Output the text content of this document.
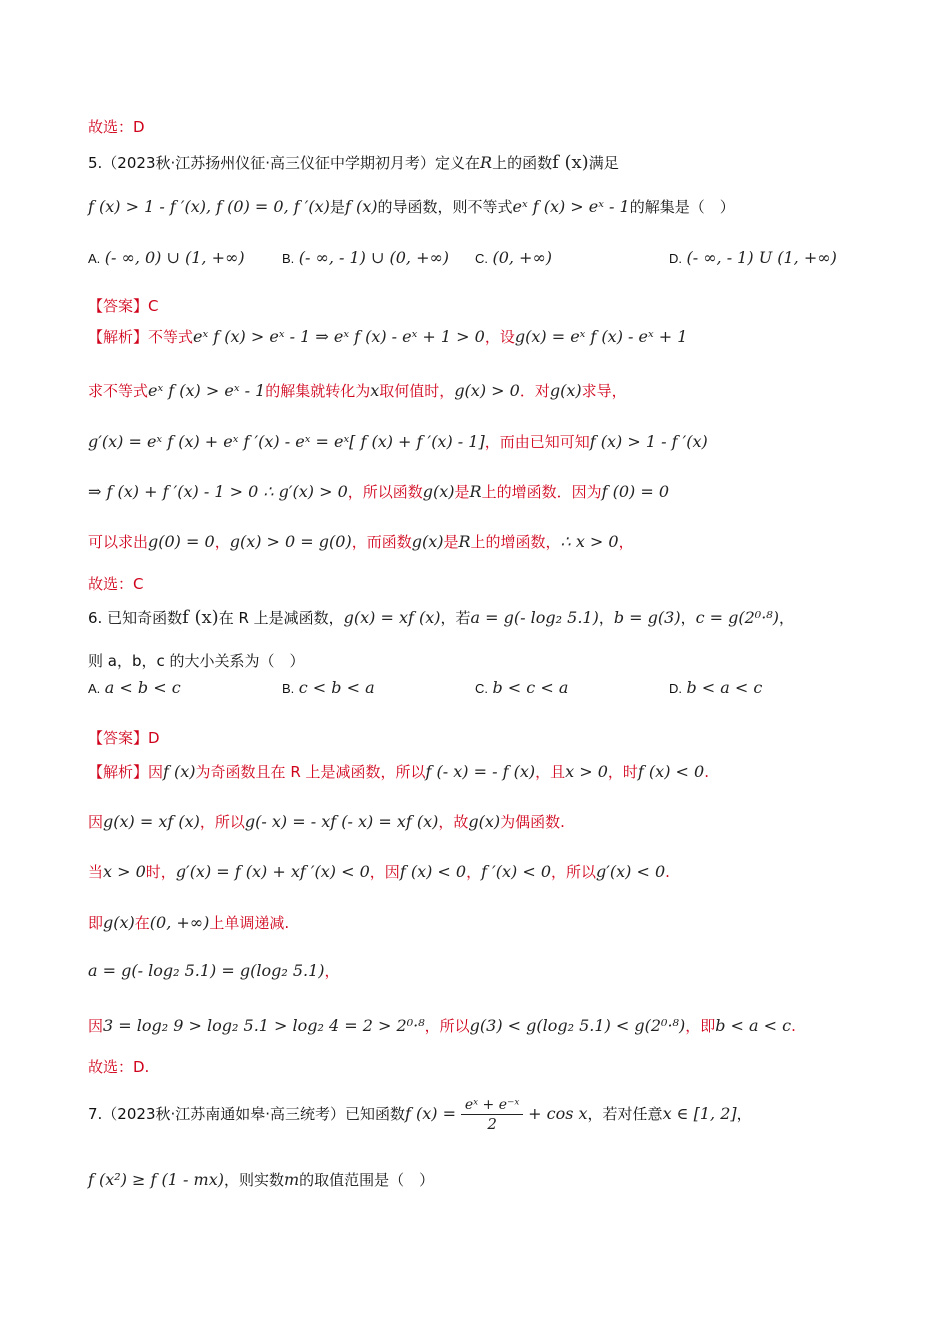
故选：D
5.（2023秋·江苏扬州仪征·高三仪征中学期初月考）定义在R上的函数f (x)满足
f (x) > 1 - f ′(x), f (0) = 0, f ′(x)是f (x)的导函数，则不等式eˣ f (x) > eˣ - 1的解集是（　）
A. (- ∞, 0) ∪ (1, +∞)	B. (- ∞, - 1) ∪ (0, +∞) C. (0, +∞)	D. (- ∞, - 1) U (1, +∞)
【答案】C
【解析】不等式eˣ f (x) > eˣ - 1 ⇒ eˣ f (x) - eˣ + 1 > 0，设g(x) = eˣ f (x) - eˣ + 1
求不等式eˣ f (x) > eˣ - 1的解集就转化为x取何值时，g(x) > 0．对g(x)求导，
g′(x) = eˣ f (x) + eˣ f ′(x) - eˣ = eˣ[ f (x) + f ′(x) - 1]，而由已知可知f (x) > 1 - f ′(x)
⇒ f (x) + f ′(x) - 1 > 0 ∴ g′(x) > 0，所以函数g(x)是R上的增函数．因为f (0) = 0
可以求出g(0) = 0，g(x) > 0 = g(0)，而函数g(x)是R上的增函数，∴ x > 0，
故选：C
6. 已知奇函数f (x)在 R 上是减函数，g(x) = xf (x)，若a = g(- log₂ 5.1)，b = g(3)，c = g(2⁰·⁸)，
则 a，b，c 的大小关系为（　）
A. a < b < c	B. c < b < a	C. b < c < a	D. b < a < c
【答案】D
【解析】因f (x)为奇函数且在 R 上是减函数，所以f (- x) = - f (x)，且x > 0，时f (x) < 0.
因g(x) = xf (x)，所以g(- x) = - xf (- x) = xf (x)，故g(x)为偶函数.
当x > 0时，g′(x) = f (x) + xf ′(x) < 0，因f (x) < 0，f ′(x) < 0，所以g′(x) < 0.
即g(x)在(0, +∞)上单调递减.
a = g(- log₂ 5.1) = g(log₂ 5.1)，
因3 = log₂ 9 > log₂ 5.1 > log₂ 4 = 2 > 2⁰·⁸，所以g(3) < g(log₂ 5.1) < g(2⁰·⁸)，即b < a < c.
故选：D.
7.（2023秋·江苏南通如皋·高三统考）已知函数f $(x) = \frac{\text{eˣ + e⁻ˣ}}{2} + \cos x$，若对任意x ∈ [1, 2]，
f (x²) ≥ f (1 - mx)，则实数m的取值范围是（　）
